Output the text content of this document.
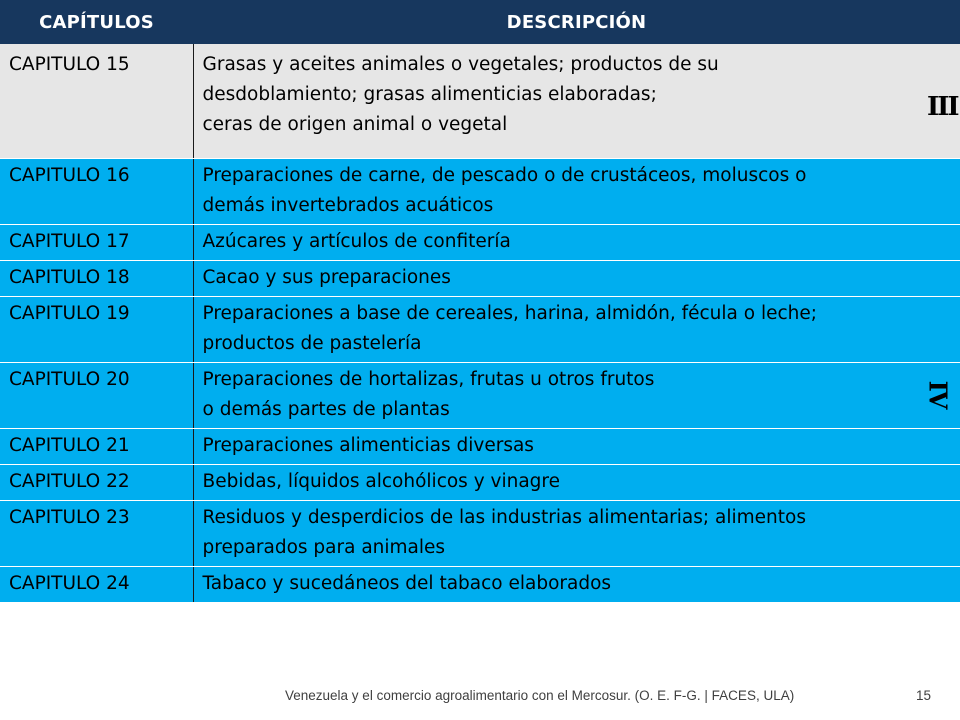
CAPÍTULOS	DESCRIPCIÓN
CAPITULO 15	Grasas y aceites animales o vegetales; productos de su
desdoblamiento; grasas alimenticias elaboradas;
ceras de origen animal o vegetal

CAPITULO 16	Preparaciones de carne, de pescado o de crustáceos, moluscos o
demás invertebrados acuáticos

CAPITULO 17	Azúcares y artículos de confitería

CAPITULO 18	Cacao y sus preparaciones

CAPITULO 19	Preparaciones a base de cereales, harina, almidón, fécula o leche;
productos de pastelería

CAPITULO 20	Preparaciones de hortalizas, frutas u otros frutos
o demás partes de plantas

CAPITULO 21	Preparaciones alimenticias diversas

CAPITULO 22	Bebidas, líquidos alcohólicos y vinagre

CAPITULO 23	Residuos y desperdicios de las industrias alimentarias; alimentos
preparados para animales

CAPITULO 24	Tabaco y sucedáneos del tabaco elaborados
III
IV
Venezuela y el comercio agroalimentario con el Mercosur. (O. E. F-G. | FACES, ULA)	15
